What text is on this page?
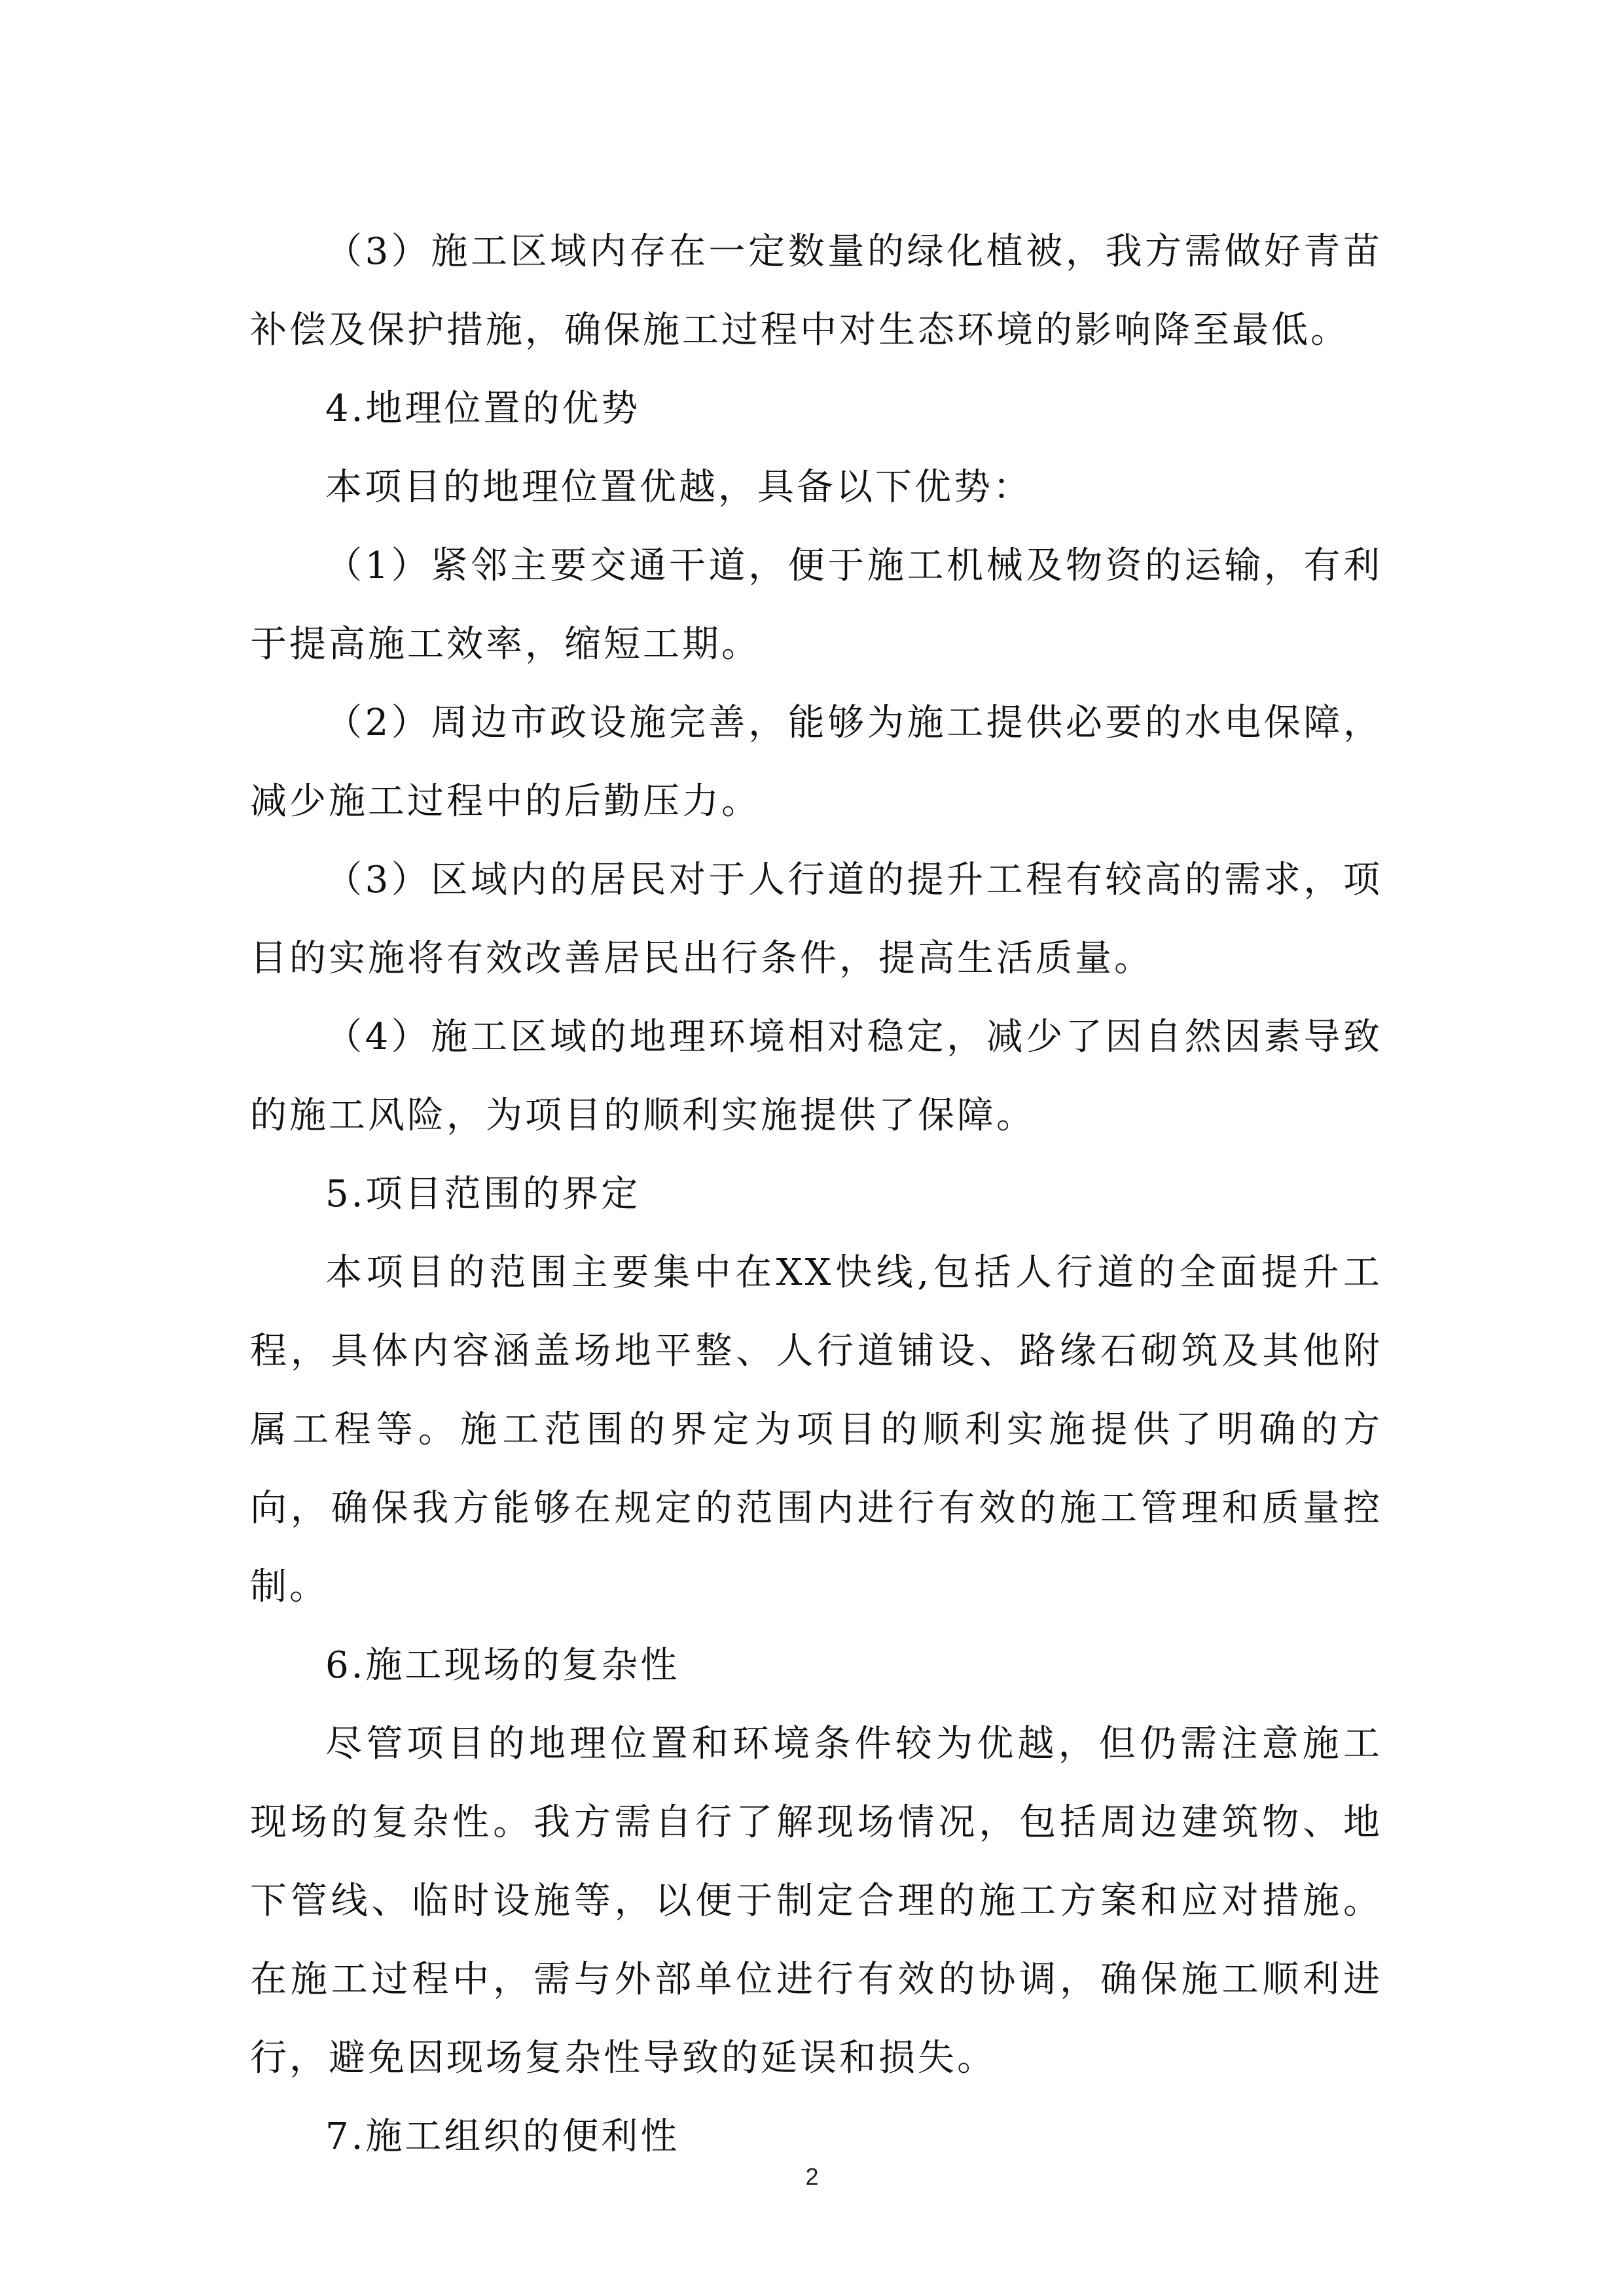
（3）施工区域内存在一定数量的绿化植被，我方需做好青苗补偿及保护措施，确保施工过程中对生态环境的影响降至最低。

4.地理位置的优势

本项目的地理位置优越，具备以下优势：

（1）紧邻主要交通干道，便于施工机械及物资的运输，有利于提高施工效率，缩短工期。

（2）周边市政设施完善，能够为施工提供必要的水电保障，减少施工过程中的后勤压力。

（3）区域内的居民对于人行道的提升工程有较高的需求，项目的实施将有效改善居民出行条件，提高生活质量。

（4）施工区域的地理环境相对稳定，减少了因自然因素导致的施工风险，为项目的顺利实施提供了保障。

5.项目范围的界定

本项目的范围主要集中在XX快线,包括人行道的全面提升工程，具体内容涵盖场地平整、人行道铺设、路缘石砌筑及其他附属工程等。施工范围的界定为项目的顺利实施提供了明确的方向，确保我方能够在规定的范围内进行有效的施工管理和质量控制。

6.施工现场的复杂性

尽管项目的地理位置和环境条件较为优越，但仍需注意施工现场的复杂性。我方需自行了解现场情况，包括周边建筑物、地下管线、临时设施等，以便于制定合理的施工方案和应对措施。在施工过程中，需与外部单位进行有效的协调，确保施工顺利进行，避免因现场复杂性导致的延误和损失。

7.施工组织的便利性

2
